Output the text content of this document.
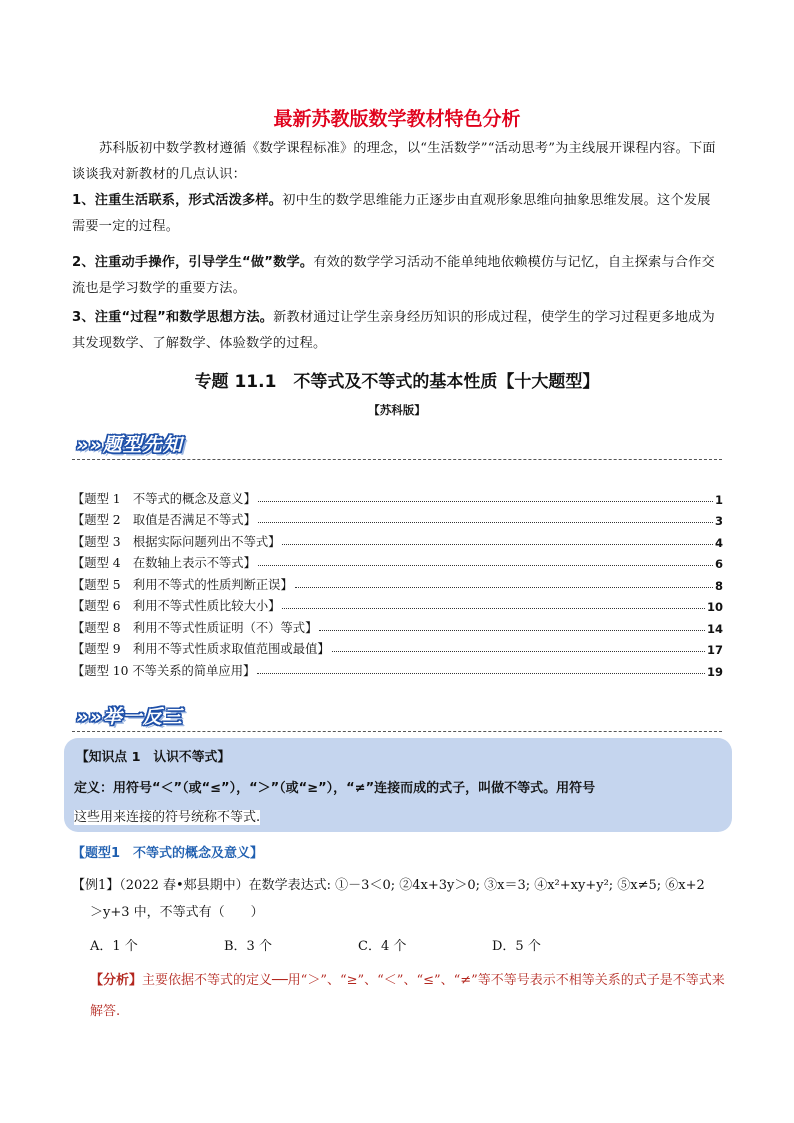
最新苏教版数学教材特色分析
苏科版初中数学教材遵循《数学课程标准》的理念，以“生活数学”“活动思考”为主线展开课程内容。下面谈谈我对新教材的几点认识：
1、注重生活联系，形式活泼多样。初中生的数学思维能力正逐步由直观形象思维向抽象思维发展。这个发展需要一定的过程。
2、注重动手操作，引导学生“做”数学。有效的数学学习活动不能单纯地依赖模仿与记忆，自主探索与合作交流也是学习数学的重要方法。
3、注重“过程”和数学思想方法。新教材通过让学生亲身经历知识的形成过程，使学生的学习过程更多地成为其发现数学、了解数学、体验数学的过程。
专题 11.1　不等式及不等式的基本性质【十大题型】
【苏科版】
»»题型先知
【题型 1　不等式的概念及意义】	1
【题型 2　取值是否满足不等式】	3
【题型 3　根据实际问题列出不等式】	4
【题型 4　在数轴上表示不等式】	6
【题型 5　利用不等式的性质判断正误】	8
【题型 6　利用不等式性质比较大小】	10
【题型 8　利用不等式性质证明（不）等式】	14
【题型 9　利用不等式性质求取值范围或最值】	17
【题型 10 不等关系的简单应用】	19
»»举一反三
【知识点 1　认识不等式】
定义：用符号“＜”（或“≤”），“＞”（或“≥”），“≠”连接而成的式子，叫做不等式。用符号
这些用来连接的符号统称不等式.
【题型1　不等式的概念及意义】
【例1】（2022 春•郏县期中）在数学表达式: ①－3＜0; ②4x+3y＞0; ③x＝3; ④x²+xy+y²; ⑤x≠5; ⑥x+2
＞y+3 中，不等式有（　　）
A．1 个	B．3 个	C．4 个	D．5 个
【分析】主要依据不等式的定义──用“＞”、“≥”、“＜”、“≤”、“≠”等不等号表示不相等关系的式子是不等式来解答.
